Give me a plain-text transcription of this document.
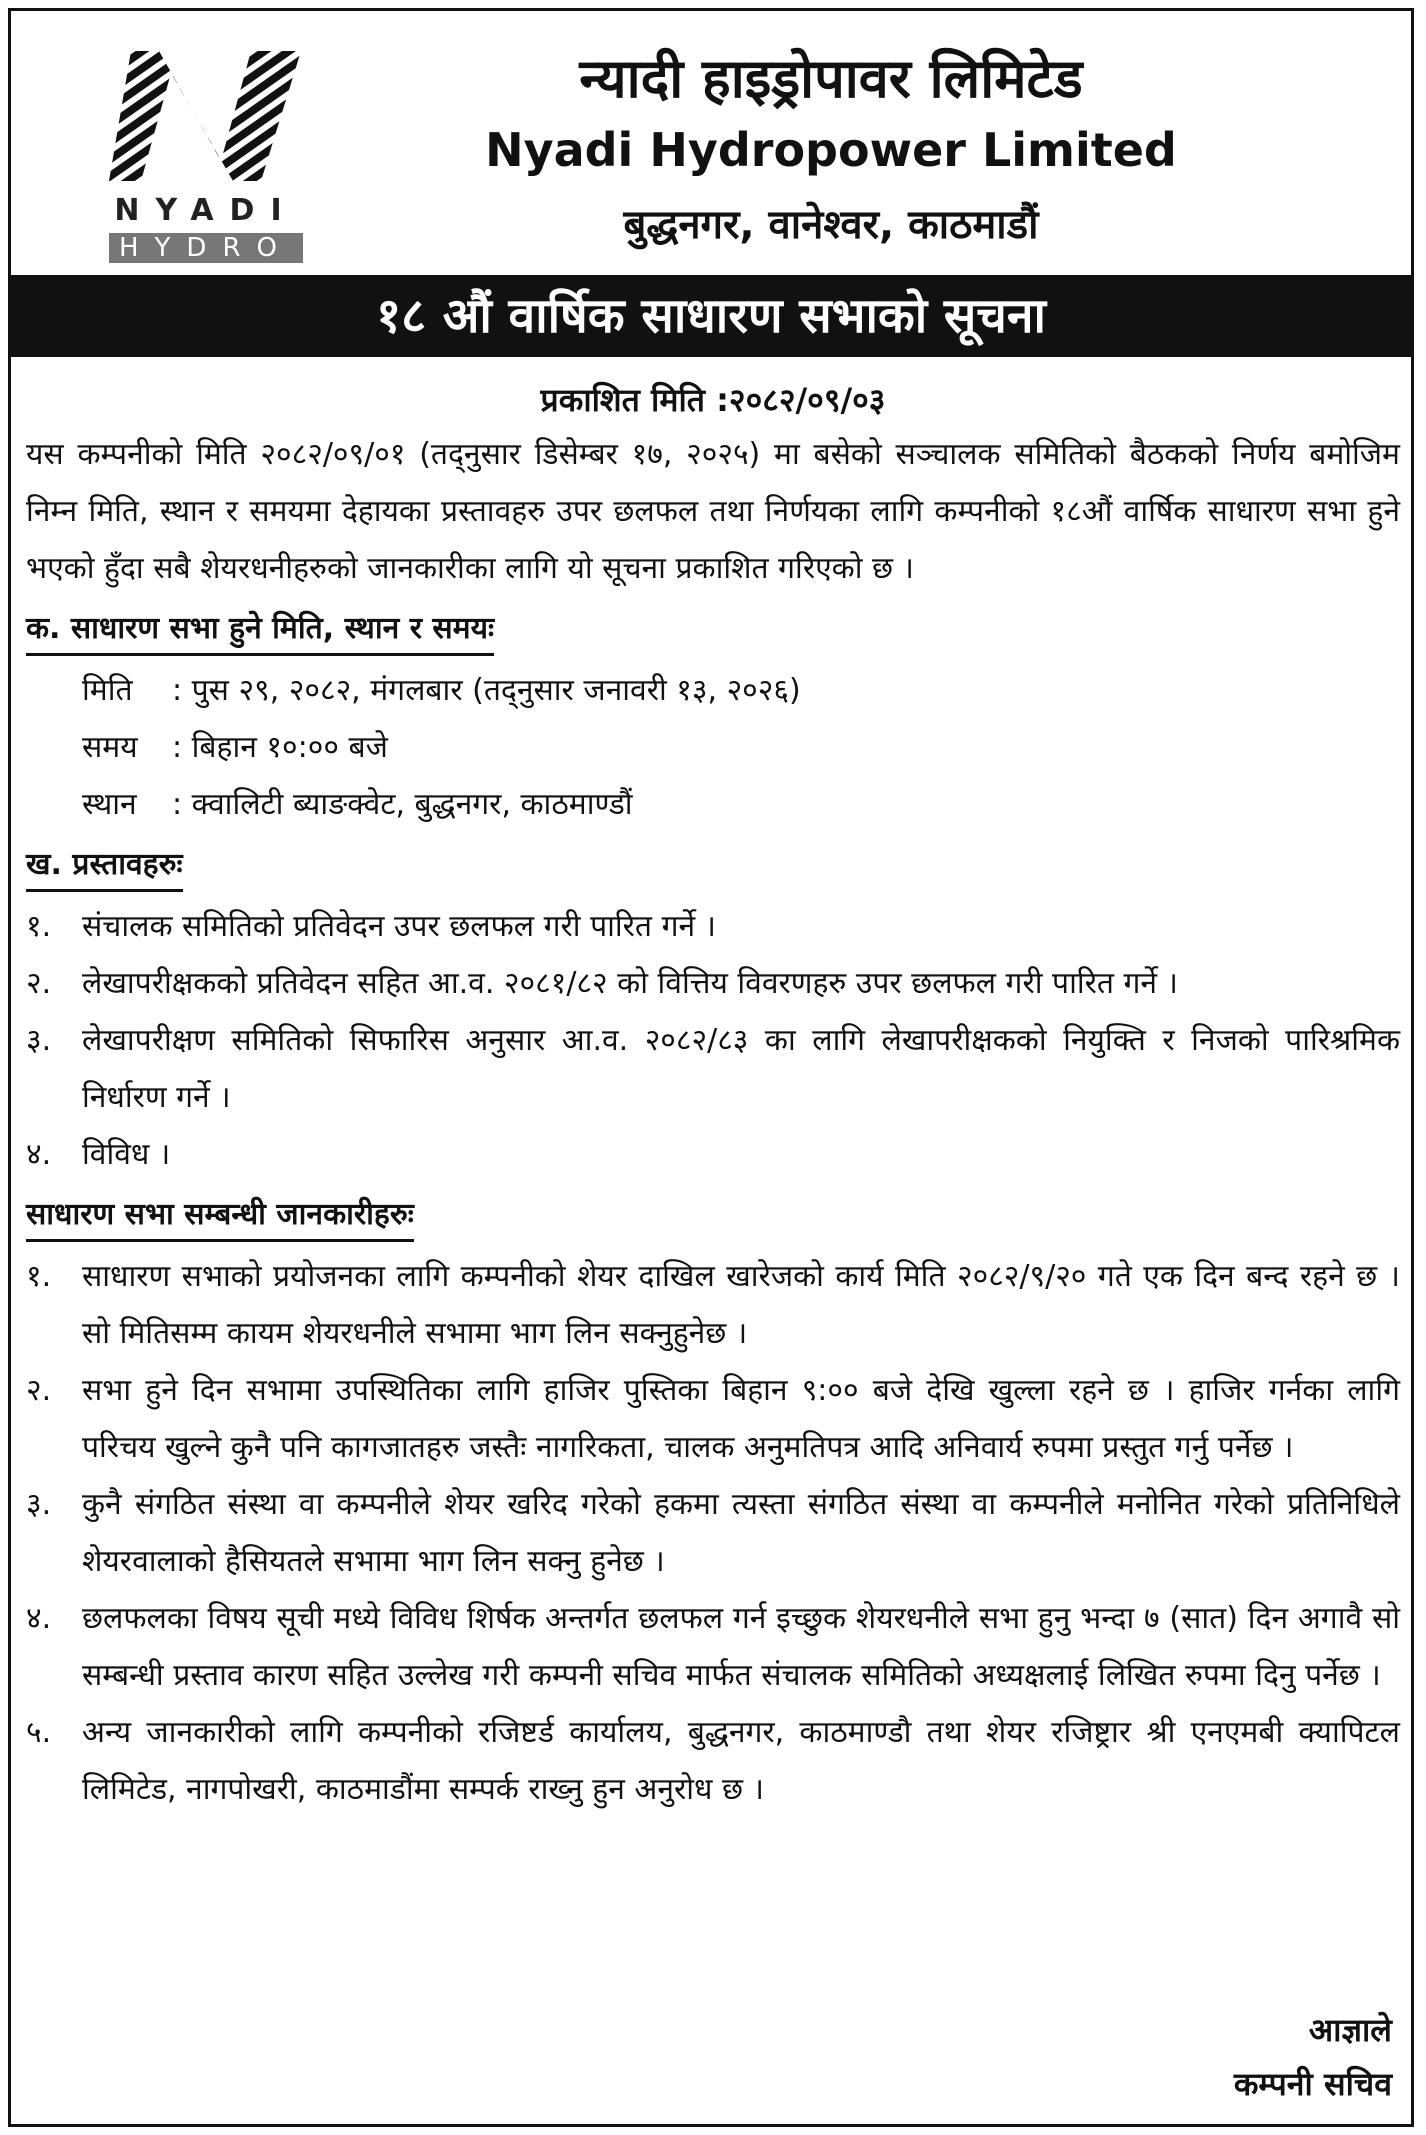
NYADI
HYDRO
न्यादी हाइड्रोपावर लिमिटेड
Nyadi Hydropower Limited
बुद्धनगर, वानेश्वर, काठमाडौं
१८ औं वार्षिक साधारण सभाको सूचना
प्रकाशित मिति :२०८२/०९/०३
यस कम्पनीको मिति २०८२/०९/०१ (तद्नुसार डिसेम्बर १७, २०२५) मा बसेको सञ्चालक समितिको बैठकको निर्णय बमोजिम निम्न मिति, स्थान र समयमा देहायका प्रस्तावहरु उपर छलफल तथा निर्णयका लागि कम्पनीको १८औं वार्षिक साधारण सभा हुने भएको हुँदा सबै शेयरधनीहरुको जानकारीका लागि यो सूचना प्रकाशित गरिएको छ ।
क. साधारण सभा हुने मिति, स्थान र समयः
मिति : पुस २९, २०८२, मंगलबार (तद्नुसार जनावरी १३, २०२६)
समय : बिहान १०:०० बजे
स्थान : क्वालिटी ब्याङक्वेट, बुद्धनगर, काठमाण्डौं
ख. प्रस्तावहरुः
१.	संचालक समितिको प्रतिवेदन उपर छलफल गरी पारित गर्ने ।
२.	लेखापरीक्षकको प्रतिवेदन सहित आ.व. २०८१/८२ को वित्तिय विवरणहरु उपर छलफल गरी पारित गर्ने ।
३.	लेखापरीक्षण समितिको सिफारिस अनुसार आ.व. २०८२/८३ का लागि लेखापरीक्षकको नियुक्ति र निजको पारिश्रमिक निर्धारण गर्ने ।
४.	विविध ।
साधारण सभा सम्बन्धी जानकारीहरुः
१.	साधारण सभाको प्रयोजनका लागि कम्पनीको शेयर दाखिल खारेजको कार्य मिति २०८२/९/२० गते एक दिन बन्द रहने छ । सो मितिसम्म कायम शेयरधनीले सभामा भाग लिन सक्नुहुनेछ ।
२.	सभा हुने दिन सभामा उपस्थितिका लागि हाजिर पुस्तिका बिहान ९:०० बजे देखि खुल्ला रहने छ । हाजिर गर्नका लागि परिचय खुल्ने कुनै पनि कागजातहरु जस्तैः नागरिकता, चालक अनुमतिपत्र आदि अनिवार्य रुपमा प्रस्तुत गर्नु पर्नेछ ।
३.	कुनै संगठित संस्था वा कम्पनीले शेयर खरिद गरेको हकमा त्यस्ता संगठित संस्था वा कम्पनीले मनोनित गरेको प्रतिनिधिले शेयरवालाको हैसियतले सभामा भाग लिन सक्नु हुनेछ ।
४.	छलफलका विषय सूची मध्ये विविध शिर्षक अन्तर्गत छलफल गर्न इच्छुक शेयरधनीले सभा हुनु भन्दा ७ (सात) दिन अगावै सो सम्बन्धी प्रस्ताव कारण सहित उल्लेख गरी कम्पनी सचिव मार्फत संचालक समितिको अध्यक्षलाई लिखित रुपमा दिनु पर्नेछ ।
५.	अन्य जानकारीको लागि कम्पनीको रजिष्टर्ड कार्यालय, बुद्धनगर, काठमाण्डौ तथा शेयर रजिष्ट्रार श्री एनएमबी क्यापिटल लिमिटेड, नागपोखरी, काठमाडौंमा सम्पर्क राख्नु हुन अनुरोध छ ।
आज्ञाले
कम्पनी सचिव
